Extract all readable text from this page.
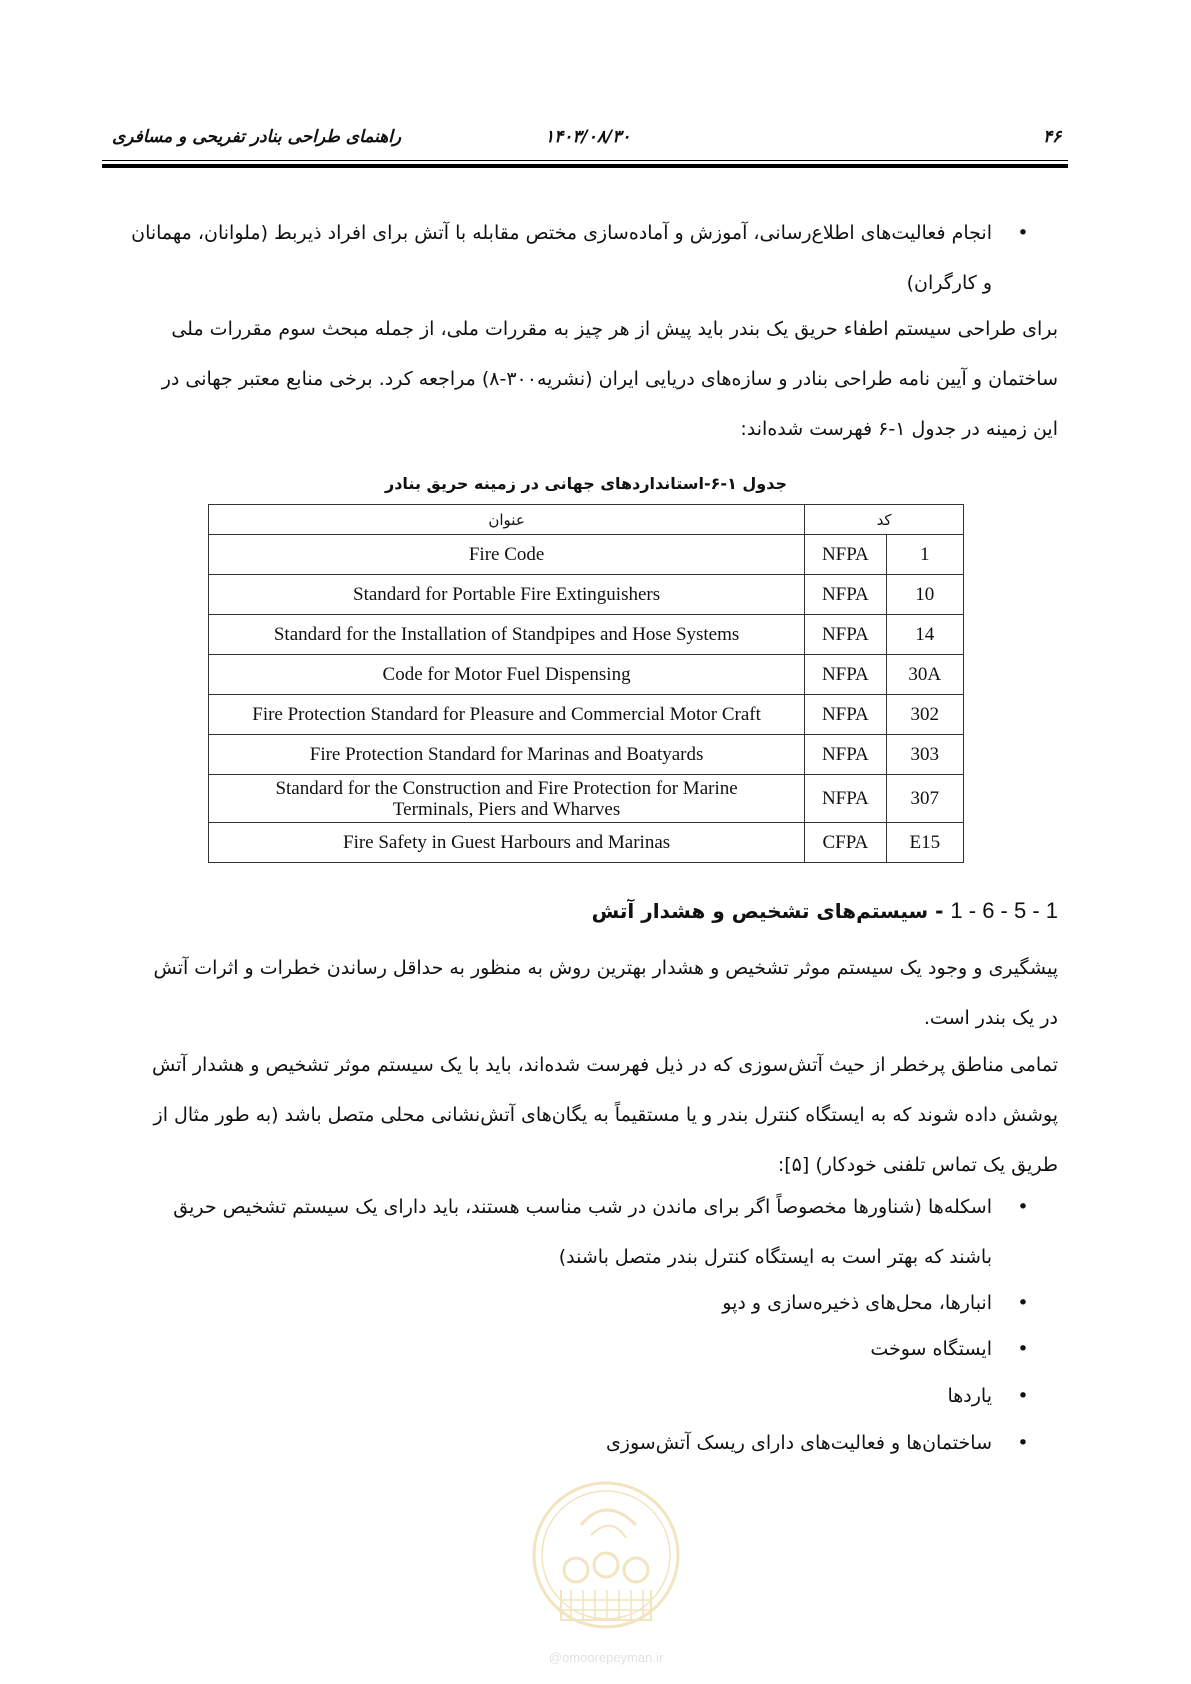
۴۶
۱۴۰۳/۰۸/۳۰
راهنمای طراحی بنادر تفریحی و مسافری
•
انجام فعالیت‌های اطلاع‌رسانی، آموزش و آماده‌سازی مختص مقابله با آتش برای افراد ذیربط (ملوانان، مهمانان
و کارگران)
برای طراحی سیستم اطفاء حریق یک بندر باید پیش از هر چیز به مقررات ملی، از جمله مبحث سوم مقررات ملی
ساختمان و آیین نامه طراحی بنادر و سازه‌های دریایی ایران (نشریه۳۰۰-۸) مراجعه کرد. برخی منابع معتبر جهانی در
این زمینه در جدول ۱-۶ فهرست شده‌اند:
جدول ۱-۶-استانداردهای جهانی در زمینه حریق بنادر
عنوان	کد	
Fire Code	NFPA	1
Standard for Portable Fire Extinguishers	NFPA	10
Standard for the Installation of Standpipes and Hose Systems	NFPA	14
Code for Motor Fuel Dispensing	NFPA	30A
Fire Protection Standard for Pleasure and Commercial Motor Craft	NFPA	302
Fire Protection Standard for Marinas and Boatyards	NFPA	303

Standard for the Construction and Fire Protection for Marine
Terminals, Piers and Wharves	NFPA	307
Fire Safety in Guest Harbours and Marinas	CFPA	E15
1 - 6 - 5 - 1 - سیستم‌های تشخیص و هشدار آتش
پیشگیری و وجود یک سیستم موثر تشخیص و هشدار بهترین روش به منظور به حداقل رساندن خطرات و اثرات آتش
در یک بندر است.
تمامی مناطق پرخطر از حیث آتش‌سوزی که در ذیل فهرست شده‌اند، باید با یک سیستم موثر تشخیص و هشدار آتش
پوشش داده شوند که به ایستگاه کنترل بندر و یا مستقیماً به یگان‌های آتش‌نشانی محلی متصل باشد (به طور مثال از
طریق یک تماس تلفنی خودکار) [۵]:
•
اسکله‌ها (شناورها مخصوصاً اگر برای ماندن در شب مناسب هستند، باید دارای یک سیستم تشخیص حریق
باشند که بهتر است به ایستگاه کنترل بندر متصل باشند)
•
انبارها، محل‌های ذخیره‌سازی و دپو
•
ایستگاه سوخت
•
یاردها
•
ساختمان‌ها و فعالیت‌های دارای ریسک آتش‌سوزی
@omoorepeyman.ir
